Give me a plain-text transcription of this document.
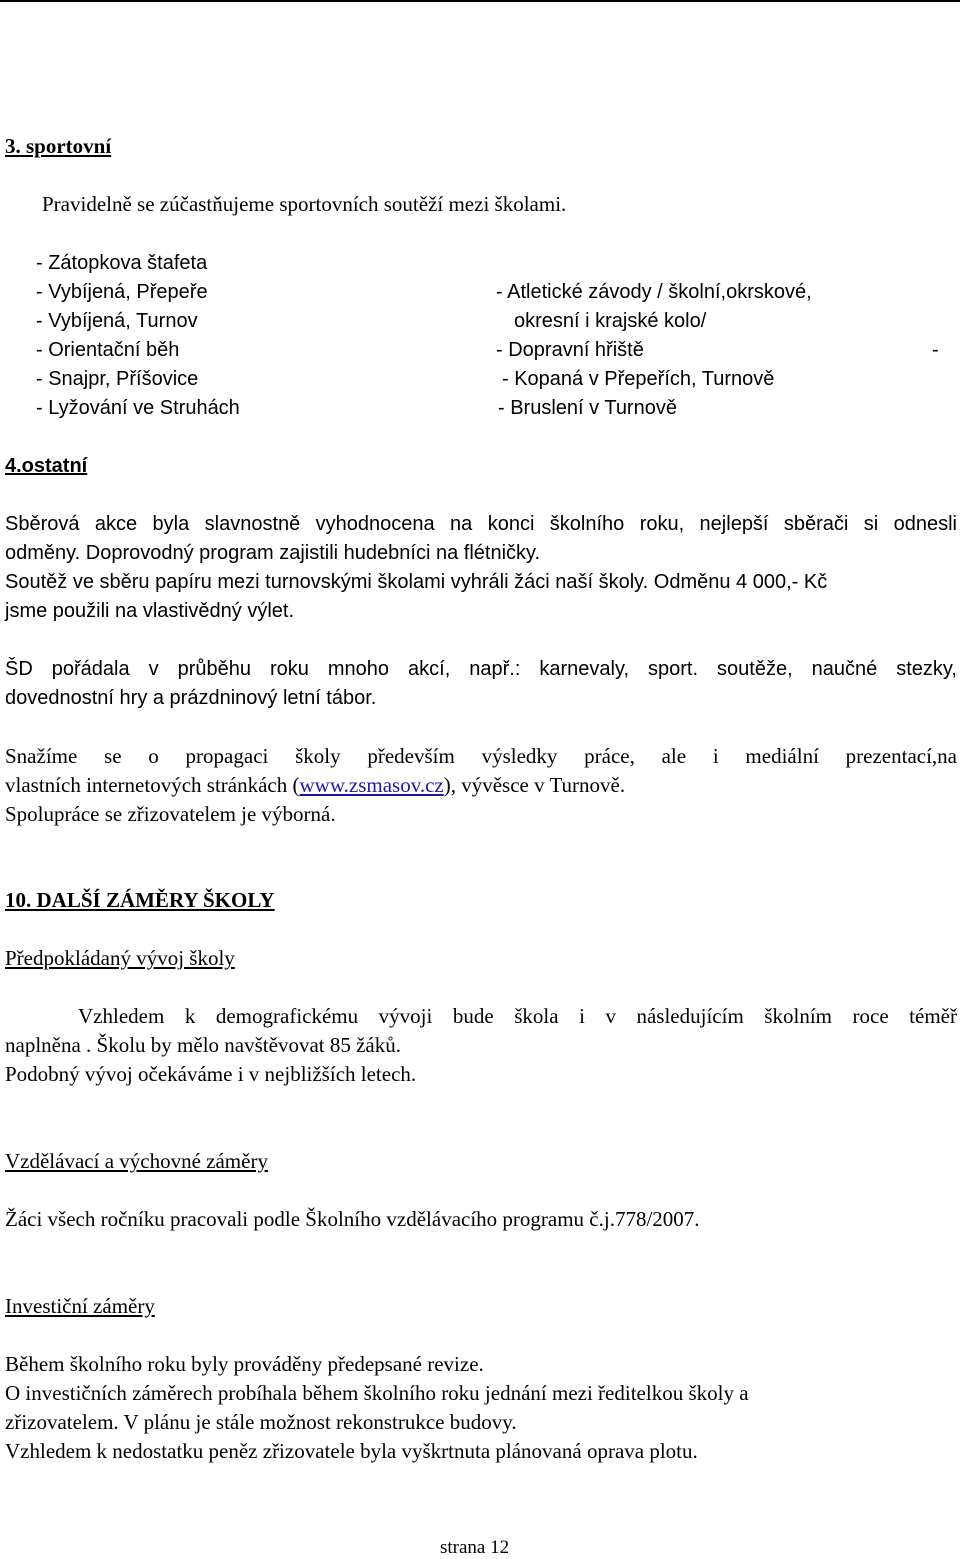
3. sportovní
Pravidelně se zúčastňujeme sportovních soutěží mezi školami.
- Zátopkova štafeta
- Vybíjená, Přepeře
- Vybíjená, Turnov
- Orientační běh
- Snajpr, Příšovice
- Lyžování ve Struhách
- Atletické závody / školní,okrskové,
okresní i krajské kolo/
- Dopravní hřiště	-
- Kopaná v Přepeřích, Turnově
- Bruslení v Turnově
4.ostatní
Sběrová akce byla slavnostně vyhodnocena na konci školního roku, nejlepší sběrači si odnesli
odměny. Doprovodný program zajistili hudebníci na flétničky.
Soutěž ve sběru papíru mezi turnovskými školami vyhráli žáci naší školy. Odměnu 4 000,- Kč
jsme použili na vlastivědný výlet.
ŠD pořádala v průběhu roku mnoho akcí, např.: karnevaly, sport. soutěže, naučné stezky,
dovednostní hry a prázdninový letní tábor.
Snažíme se o propagaci školy především výsledky práce, ale i mediální prezentací,na
vlastních internetových stránkách (www.zsmasov.cz), vývěsce v Turnově.
Spolupráce se zřizovatelem je výborná.
10. DALŠÍ ZÁMĚRY ŠKOLY
Předpokládaný vývoj školy
Vzhledem k demografickému vývoji bude škola i v následujícím školním roce téměř
naplněna . Školu by mělo navštěvovat 85 žáků.
Podobný vývoj očekáváme i v nejbližších letech.
Vzdělávací a výchovné záměry
Žáci všech ročníku pracovali podle Školního vzdělávacího programu č.j.778/2007.
Investiční záměry
Během školního roku byly prováděny předepsané revize.
O investičních záměrech probíhala během školního roku jednání mezi ředitelkou školy a
zřizovatelem. V plánu je stále možnost rekonstrukce budovy.
Vzhledem k nedostatku peněz zřizovatele byla vyškrtnuta plánovaná oprava plotu.
strana 12
